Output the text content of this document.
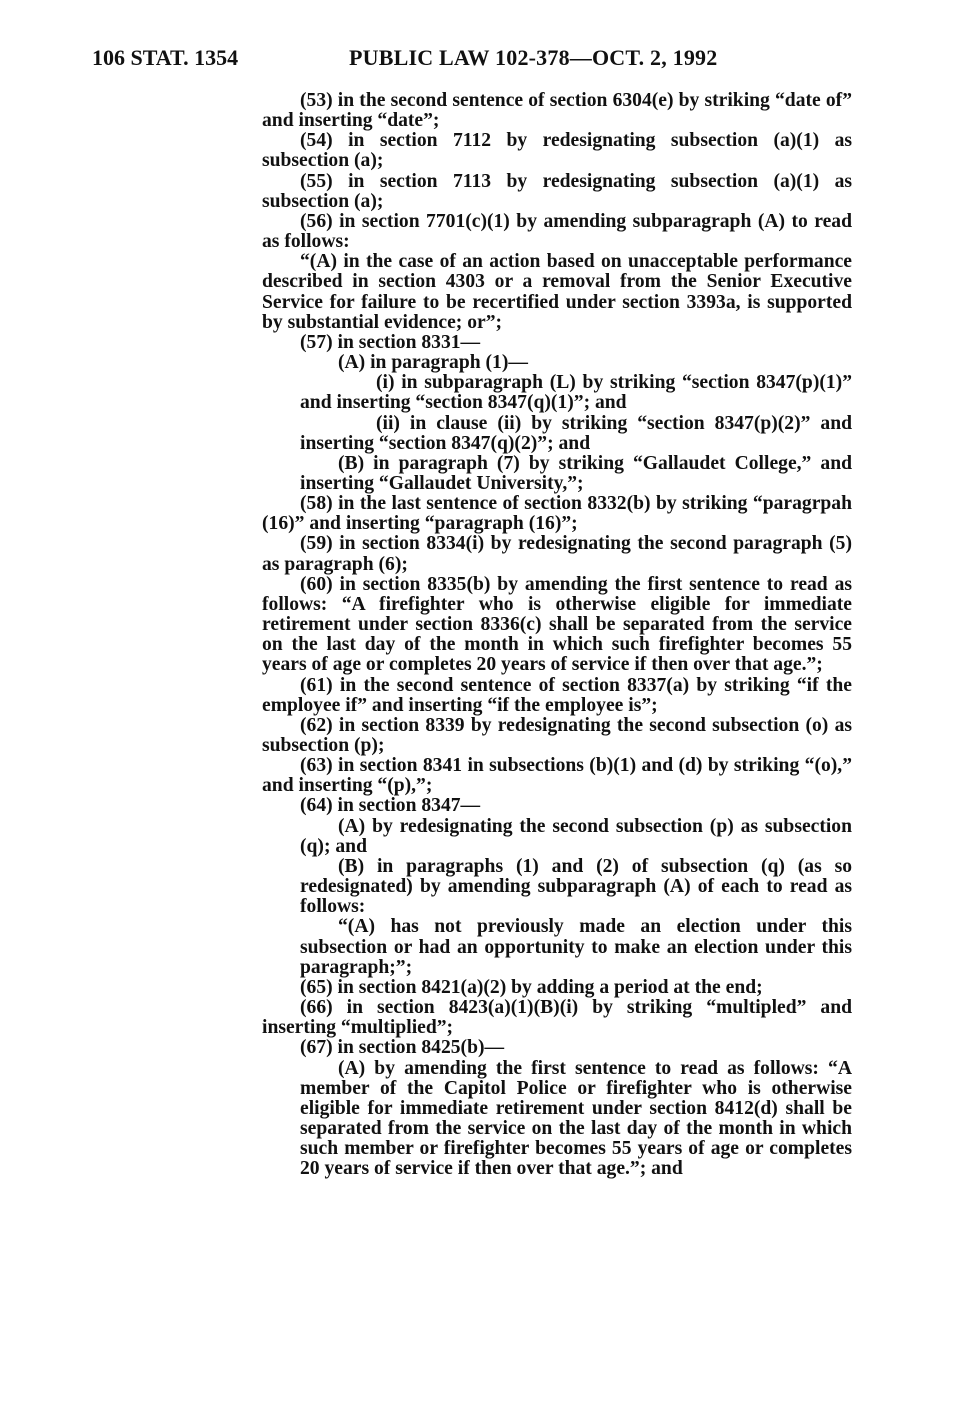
106 STAT. 1354	PUBLIC LAW 102-378—OCT. 2, 1992

(53) in the second sentence of section 6304(e) by striking “date of” and inserting “date”;

(54) in section 7112 by redesignating subsection (a)(1) as subsection (a);

(55) in section 7113 by redesignating subsection (a)(1) as subsection (a);

(56) in section 7701(c)(1) by amending subparagraph (A) to read as follows:

“(A) in the case of an action based on unacceptable performance described in section 4303 or a removal from the Senior Executive Service for failure to be recertified under section 3393a, is supported by substantial evidence; or”;

(57) in section 8331—

(A) in paragraph (1)—

(i) in subparagraph (L) by striking “section 8347(p)(1)” and inserting “section 8347(q)(1)”; and

(ii) in clause (ii) by striking “section 8347(p)(2)” and inserting “section 8347(q)(2)”; and

(B) in paragraph (7) by striking “Gallaudet College,” and inserting “Gallaudet University,”;

(58) in the last sentence of section 8332(b) by striking “paragrpah (16)” and inserting “paragraph (16)”;

(59) in section 8334(i) by redesignating the second paragraph (5) as paragraph (6);

(60) in section 8335(b) by amending the first sentence to read as follows: “A firefighter who is otherwise eligible for immediate retirement under section 8336(c) shall be separated from the service on the last day of the month in which such firefighter becomes 55 years of age or completes 20 years of service if then over that age.”;

(61) in the second sentence of section 8337(a) by striking “if the employee if” and inserting “if the employee is”;

(62) in section 8339 by redesignating the second subsection (o) as subsection (p);

(63) in section 8341 in subsections (b)(1) and (d) by striking “(o),” and inserting “(p),”;

(64) in section 8347—

(A) by redesignating the second subsection (p) as subsection (q); and

(B) in paragraphs (1) and (2) of subsection (q) (as so redesignated) by amending subparagraph (A) of each to read as follows:

“(A) has not previously made an election under this subsection or had an opportunity to make an election under this paragraph;”;

(65) in section 8421(a)(2) by adding a period at the end;

(66) in section 8423(a)(1)(B)(i) by striking “multipled” and inserting “multiplied”;

(67) in section 8425(b)—

(A) by amending the first sentence to read as follows: “A member of the Capitol Police or firefighter who is otherwise eligible for immediate retirement under section 8412(d) shall be separated from the service on the last day of the month in which such member or firefighter becomes 55 years of age or completes 20 years of service if then over that age.”; and
